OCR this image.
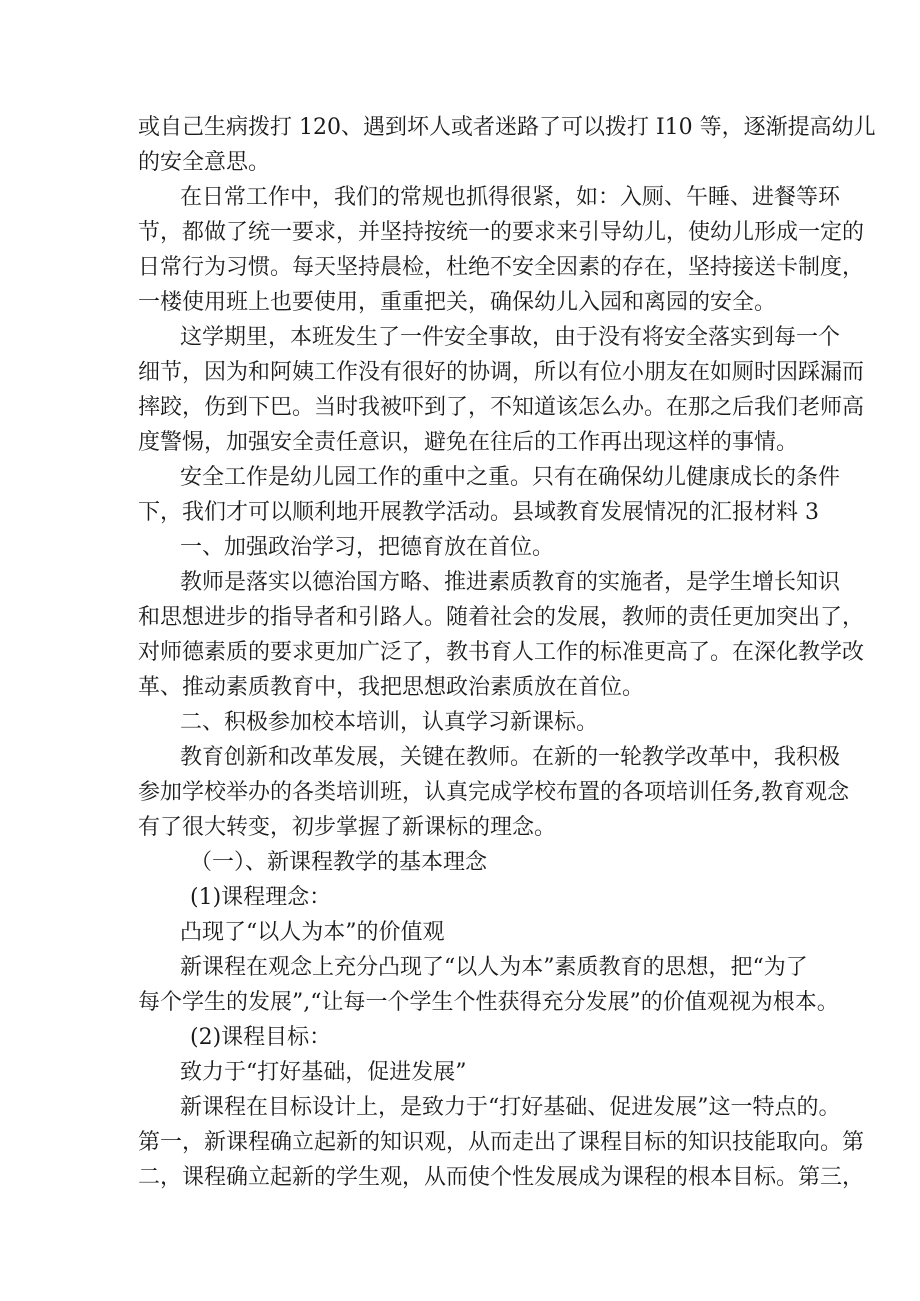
或自己生病拨打 120、遇到坏人或者迷路了可以拨打 I10 等，逐渐提高幼儿
的安全意思。
在日常工作中，我们的常规也抓得很紧，如：入厕、午睡、进餐等环
节，都做了统一要求，并坚持按统一的要求来引导幼儿，使幼儿形成一定的
日常行为习惯。每天坚持晨检，杜绝不安全因素的存在，坚持接送卡制度，
一楼使用班上也要使用，重重把关，确保幼儿入园和离园的安全。
这学期里，本班发生了一件安全事故，由于没有将安全落实到每一个
细节，因为和阿姨工作没有很好的协调，所以有位小朋友在如厕时因踩漏而
摔跤，伤到下巴。当时我被吓到了，不知道该怎么办。在那之后我们老师高
度警惕，加强安全责任意识，避免在往后的工作再出现这样的事情。
安全工作是幼儿园工作的重中之重。只有在确保幼儿健康成长的条件
下，我们才可以顺利地开展教学活动。县域教育发展情况的汇报材料 3
一、加强政治学习，把德育放在首位。
教师是落实以德治国方略、推进素质教育的实施者，是学生增长知识
和思想进步的指导者和引路人。随着社会的发展，教师的责任更加突出了，
对师德素质的要求更加广泛了，教书育人工作的标准更高了。在深化教学改
革、推动素质教育中，我把思想政治素质放在首位。
二、积极参加校本培训，认真学习新课标。
教育创新和改革发展，关键在教师。在新的一轮教学改革中，我积极
参加学校举办的各类培训班，认真完成学校布置的各项培训任务,教育观念
有了很大转变，初步掌握了新课标的理念。
（一）、新课程教学的基本理念
(1)课程理念：
凸现了“以人为本”的价值观
新课程在观念上充分凸现了“以人为本”素质教育的思想，把“为了
每个学生的发展”,“让每一个学生个性获得充分发展”的价值观视为根本。
(2)课程目标：
致力于“打好基础，促进发展”
新课程在目标设计上，是致力于“打好基础、促进发展”这一特点的。
第一，新课程确立起新的知识观，从而走出了课程目标的知识技能取向。第
二，课程确立起新的学生观，从而使个性发展成为课程的根本目标。第三，
